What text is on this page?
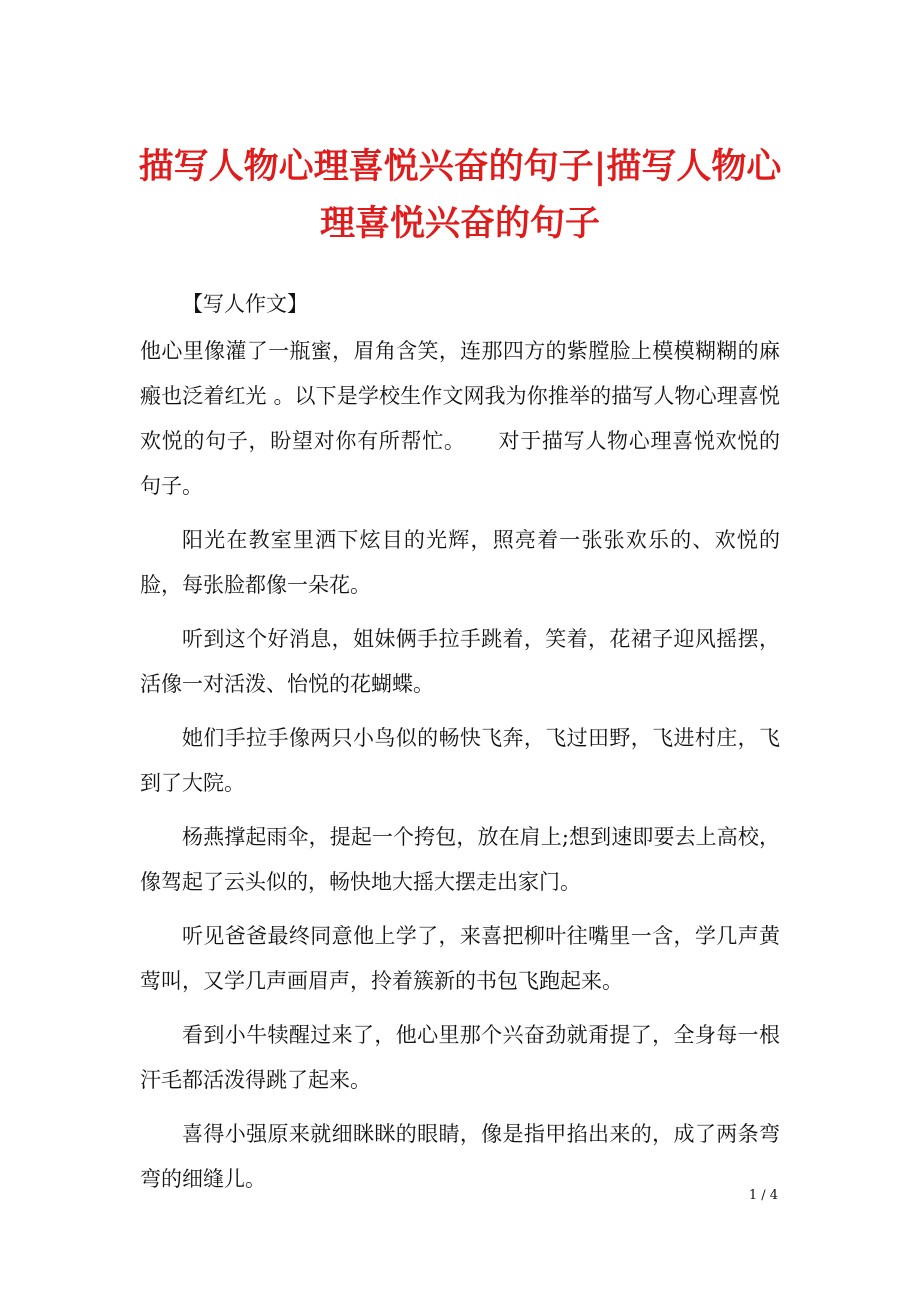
描写人物心理喜悦兴奋的句子|描写人物心
理喜悦兴奋的句子

【写人作文】

他心里像灌了一瓶蜜，眉角含笑，连那四方的紫膛脸上模模糊糊的麻瘢也泛着红光 。以下是学校生作文网我为你推举的描写人物心理喜悦欢悦的句子，盼望对你有所帮忙。　　对于描写人物心理喜悦欢悦的句子。

阳光在教室里洒下炫目的光辉，照亮着一张张欢乐的、欢悦的脸，每张脸都像一朵花。

听到这个好消息，姐妹俩手拉手跳着，笑着，花裙子迎风摇摆，活像一对活泼、怡悦的花蝴蝶。

她们手拉手像两只小鸟似的畅快飞奔，飞过田野，飞进村庄，飞到了大院。

杨燕撑起雨伞，提起一个挎包，放在肩上;想到速即要去上高校，像驾起了云头似的，畅快地大摇大摆走出家门。

听见爸爸最终同意他上学了，来喜把柳叶往嘴里一含，学几声黄莺叫，又学几声画眉声，拎着簇新的书包飞跑起来。

看到小牛犊醒过来了，他心里那个兴奋劲就甭提了，全身每一根汗毛都活泼得跳了起来。

喜得小强原来就细眯眯的眼睛，像是指甲掐出来的，成了两条弯弯的细缝儿。

1 / 4
